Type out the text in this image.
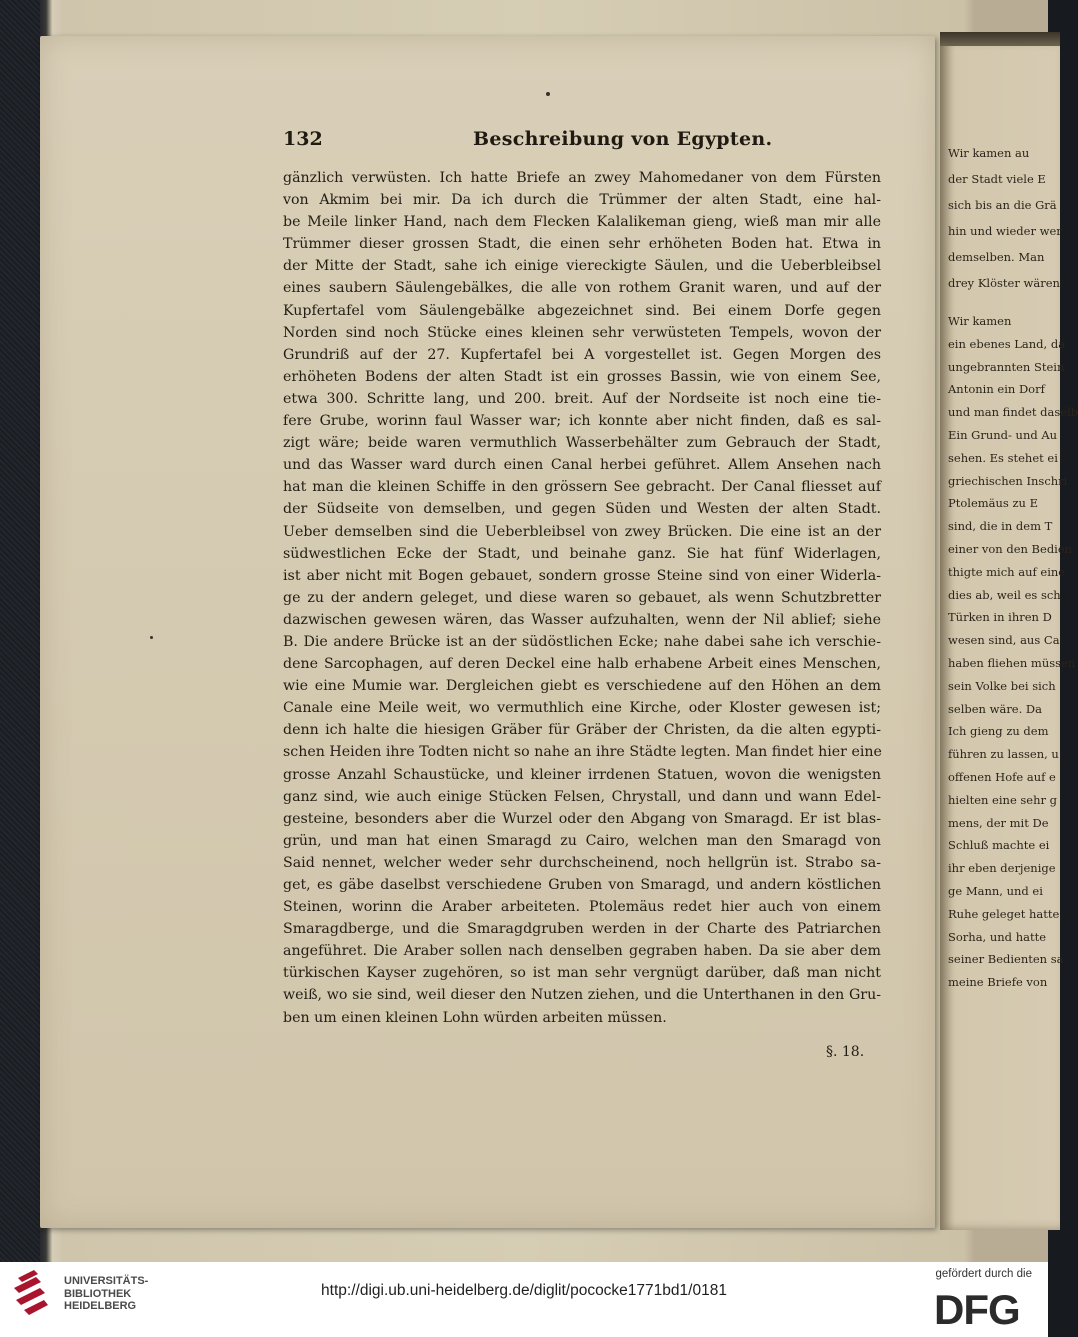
Wir kamen au
der Stadt viele E
sich bis an die Grä
hin und wieder wer
demselben. Man
drey Klöster wären.
Wir kamen
ein ebenes Land, da
ungebrannten Stein
Antonin ein Dorf
und man findet daselb
Ein Grund- und Au
sehen. Es stehet ei
griechischen Inschri
Ptolemäus zu E
sind, die in dem T
einer von den Bedien
thigte mich auf eine
dies ab, weil es sch
Türken in ihren D
wesen sind, aus Ca
haben fliehen müssen
sein Volke bei sich
selben wäre. Da
Ich gieng zu dem
führen zu lassen, u
offenen Hofe auf e
hielten eine sehr g
mens, der mit De
Schluß machte ei
ihr eben derjenige
ge Mann, und ei
Ruhe geleget hatte
Sorha, und hatte
seiner Bedienten sa
meine Briefe von
132	Beschreibung von Egypten.
gänzlich verwüsten. Ich hatte Briefe an zwey Mahomedaner von dem Fürsten
von Akmim bei mir. Da ich durch die Trümmer der alten Stadt, eine hal-
be Meile linker Hand, nach dem Flecken Kalalikeman gieng, wieß man mir alle
Trümmer dieser grossen Stadt, die einen sehr erhöheten Boden hat. Etwa in
der Mitte der Stadt, sahe ich einige viereckigte Säulen, und die Ueberbleibsel
eines saubern Säulengebälkes, die alle von rothem Granit waren, und auf der
Kupfertafel vom Säulengebälke abgezeichnet sind. Bei einem Dorfe gegen
Norden sind noch Stücke eines kleinen sehr verwüsteten Tempels, wovon der
Grundriß auf der 27. Kupfertafel bei A vorgestellet ist. Gegen Morgen des
erhöheten Bodens der alten Stadt ist ein grosses Bassin, wie von einem See,
etwa 300. Schritte lang, und 200. breit. Auf der Nordseite ist noch eine tie-
fere Grube, worinn faul Wasser war; ich konnte aber nicht finden, daß es sal-
zigt wäre; beide waren vermuthlich Wasserbehälter zum Gebrauch der Stadt,
und das Wasser ward durch einen Canal herbei geführet. Allem Ansehen nach
hat man die kleinen Schiffe in den grössern See gebracht. Der Canal fliesset auf
der Südseite von demselben, und gegen Süden und Westen der alten Stadt.
Ueber demselben sind die Ueberbleibsel von zwey Brücken. Die eine ist an der
südwestlichen Ecke der Stadt, und beinahe ganz. Sie hat fünf Widerlagen,
ist aber nicht mit Bogen gebauet, sondern grosse Steine sind von einer Widerla-
ge zu der andern geleget, und diese waren so gebauet, als wenn Schutzbretter
dazwischen gewesen wären, das Wasser aufzuhalten, wenn der Nil ablief; siehe
B. Die andere Brücke ist an der südöstlichen Ecke; nahe dabei sahe ich verschie-
dene Sarcophagen, auf deren Deckel eine halb erhabene Arbeit eines Menschen,
wie eine Mumie war. Dergleichen giebt es verschiedene auf den Höhen an dem
Canale eine Meile weit, wo vermuthlich eine Kirche, oder Kloster gewesen ist;
denn ich halte die hiesigen Gräber für Gräber der Christen, da die alten egypti-
schen Heiden ihre Todten nicht so nahe an ihre Städte legten. Man findet hier eine
grosse Anzahl Schaustücke, und kleiner irrdenen Statuen, wovon die wenigsten
ganz sind, wie auch einige Stücken Felsen, Chrystall, und dann und wann Edel-
gesteine, besonders aber die Wurzel oder den Abgang von Smaragd. Er ist blas-
grün, und man hat einen Smaragd zu Cairo, welchen man den Smaragd von
Said nennet, welcher weder sehr durchscheinend, noch hellgrün ist. Strabo sa-
get, es gäbe daselbst verschiedene Gruben von Smaragd, und andern köstlichen
Steinen, worinn die Araber arbeiteten. Ptolemäus redet hier auch von einem
Smaragdberge, und die Smaragdgruben werden in der Charte des Patriarchen
angeführet. Die Araber sollen nach denselben gegraben haben. Da sie aber dem
türkischen Kayser zugehören, so ist man sehr vergnügt darüber, daß man nicht
weiß, wo sie sind, weil dieser den Nutzen ziehen, und die Unterthanen in den Gru-
ben um einen kleinen Lohn würden arbeiten müssen.
§. 18.
UNIVERSITÄTS-
BIBLIOTHEK
HEIDELBERG
http://digi.ub.uni-heidelberg.de/diglit/pococke1771bd1/0181
gefördert durch die
DFG
